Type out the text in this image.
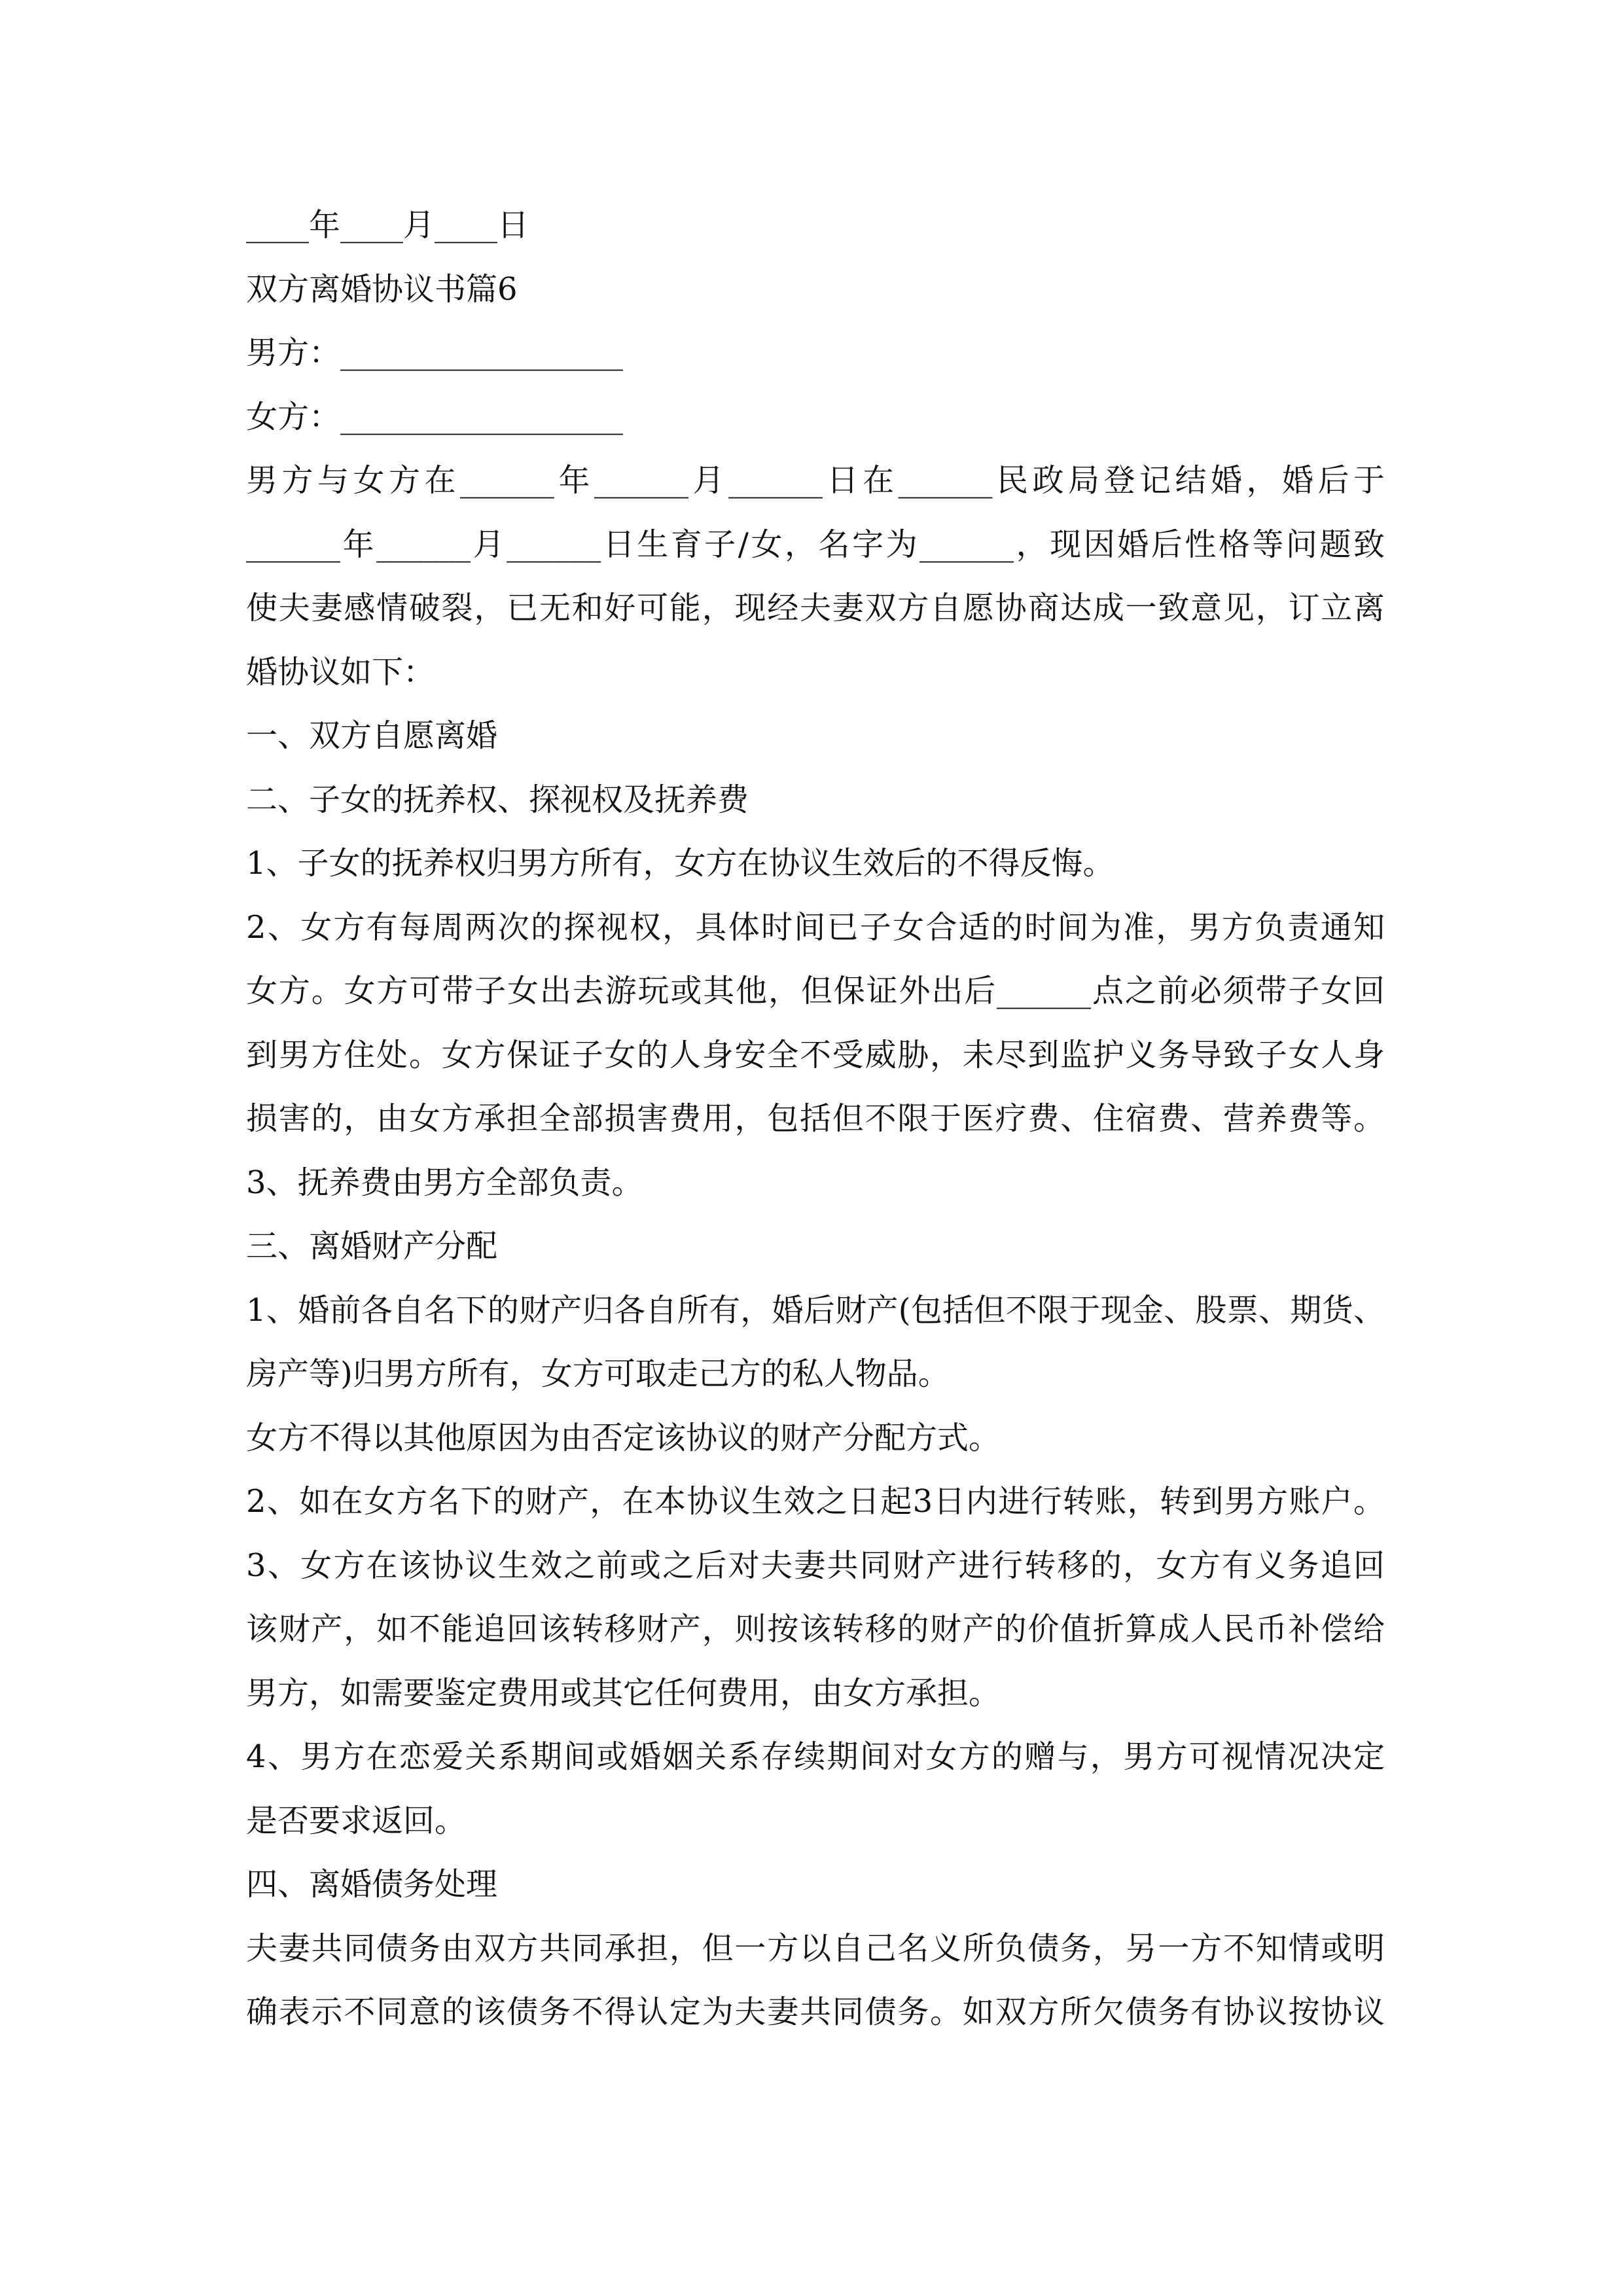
____年____月____日
双方离婚协议书篇6
男方：__________________
女方：__________________
男方与女方在______年______月______日在______民政局登记结婚，婚后于
______年______月______日生育子/女，名字为______，现因婚后性格等问题致
使夫妻感情破裂，已无和好可能，现经夫妻双方自愿协商达成一致意见，订立离
婚协议如下：
一、双方自愿离婚
二、子女的抚养权、探视权及抚养费
1、子女的抚养权归男方所有，女方在协议生效后的不得反悔。
2、女方有每周两次的探视权，具体时间已子女合适的时间为准，男方负责通知
女方。女方可带子女出去游玩或其他，但保证外出后______点之前必须带子女回
到男方住处。女方保证子女的人身安全不受威胁，未尽到监护义务导致子女人身
损害的，由女方承担全部损害费用，包括但不限于医疗费、住宿费、营养费等。
3、抚养费由男方全部负责。
三、离婚财产分配
1、婚前各自名下的财产归各自所有，婚后财产(包括但不限于现金、股票、期货、
房产等)归男方所有，女方可取走己方的私人物品。
女方不得以其他原因为由否定该协议的财产分配方式。
2、如在女方名下的财产，在本协议生效之日起3日内进行转账，转到男方账户。
3、女方在该协议生效之前或之后对夫妻共同财产进行转移的，女方有义务追回
该财产，如不能追回该转移财产，则按该转移的财产的价值折算成人民币补偿给
男方，如需要鉴定费用或其它任何费用，由女方承担。
4、男方在恋爱关系期间或婚姻关系存续期间对女方的赠与，男方可视情况决定
是否要求返回。
四、离婚债务处理
夫妻共同债务由双方共同承担，但一方以自己名义所负债务，另一方不知情或明
确表示不同意的该债务不得认定为夫妻共同债务。如双方所欠债务有协议按协议
